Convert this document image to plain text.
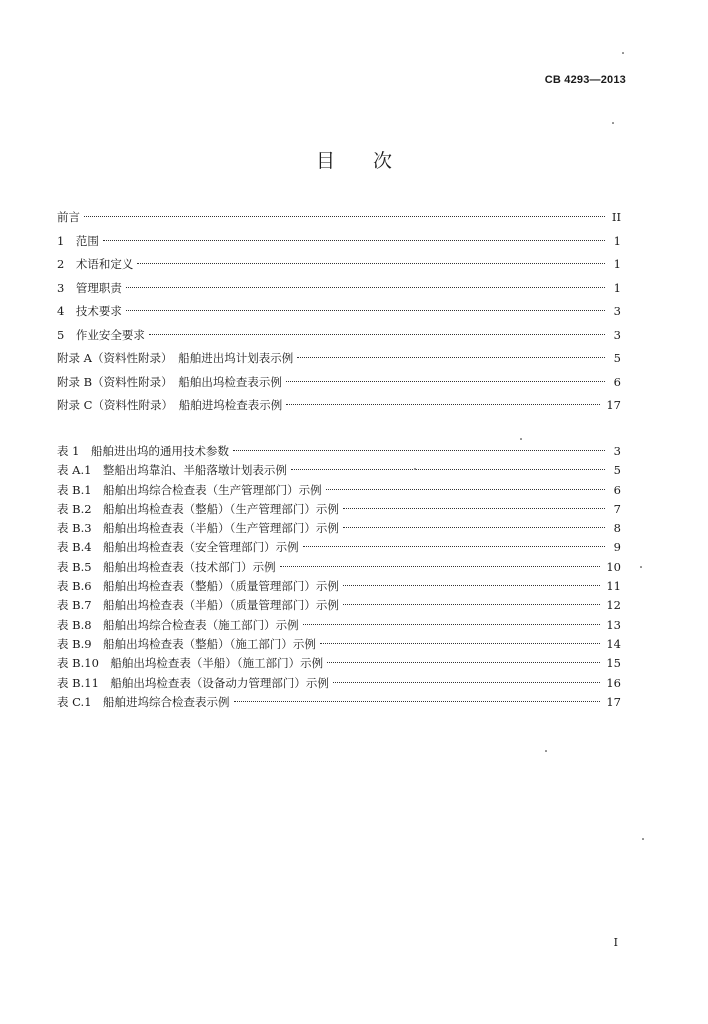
CB 4293—2013
目次
前言	II
1　范围	1
2　术语和定义	1
3　管理职责	1
4　技术要求	3
5　作业安全要求	3
附录 A（资料性附录）　船舶进出坞计划表示例	5
附录 B（资料性附录）　船舶出坞检查表示例	6
附录 C（资料性附录）　船舶进坞检查表示例	17
表 1　船舶进出坞的通用技术参数	3
表 A.1　整船出坞靠泊、半船落墩计划表示例	5
表 B.1　船舶出坞综合检查表（生产管理部门）示例	6
表 B.2　船舶出坞检查表（整船）（生产管理部门）示例	7
表 B.3　船舶出坞检查表（半船）（生产管理部门）示例	8
表 B.4　船舶出坞检查表（安全管理部门）示例	9
表 B.5　船舶出坞检查表（技术部门）示例	10
表 B.6　船舶出坞检查表（整船）（质量管理部门）示例	11
表 B.7　船舶出坞检查表（半船）（质量管理部门）示例	12
表 B.8　船舶出坞综合检查表（施工部门）示例	13
表 B.9　船舶出坞检查表（整船）（施工部门）示例	14
表 B.10　船舶出坞检查表（半船）（施工部门）示例	15
表 B.11　船舶出坞检查表（设备动力管理部门）示例	16
表 C.1　船舶进坞综合检查表示例	17
I
